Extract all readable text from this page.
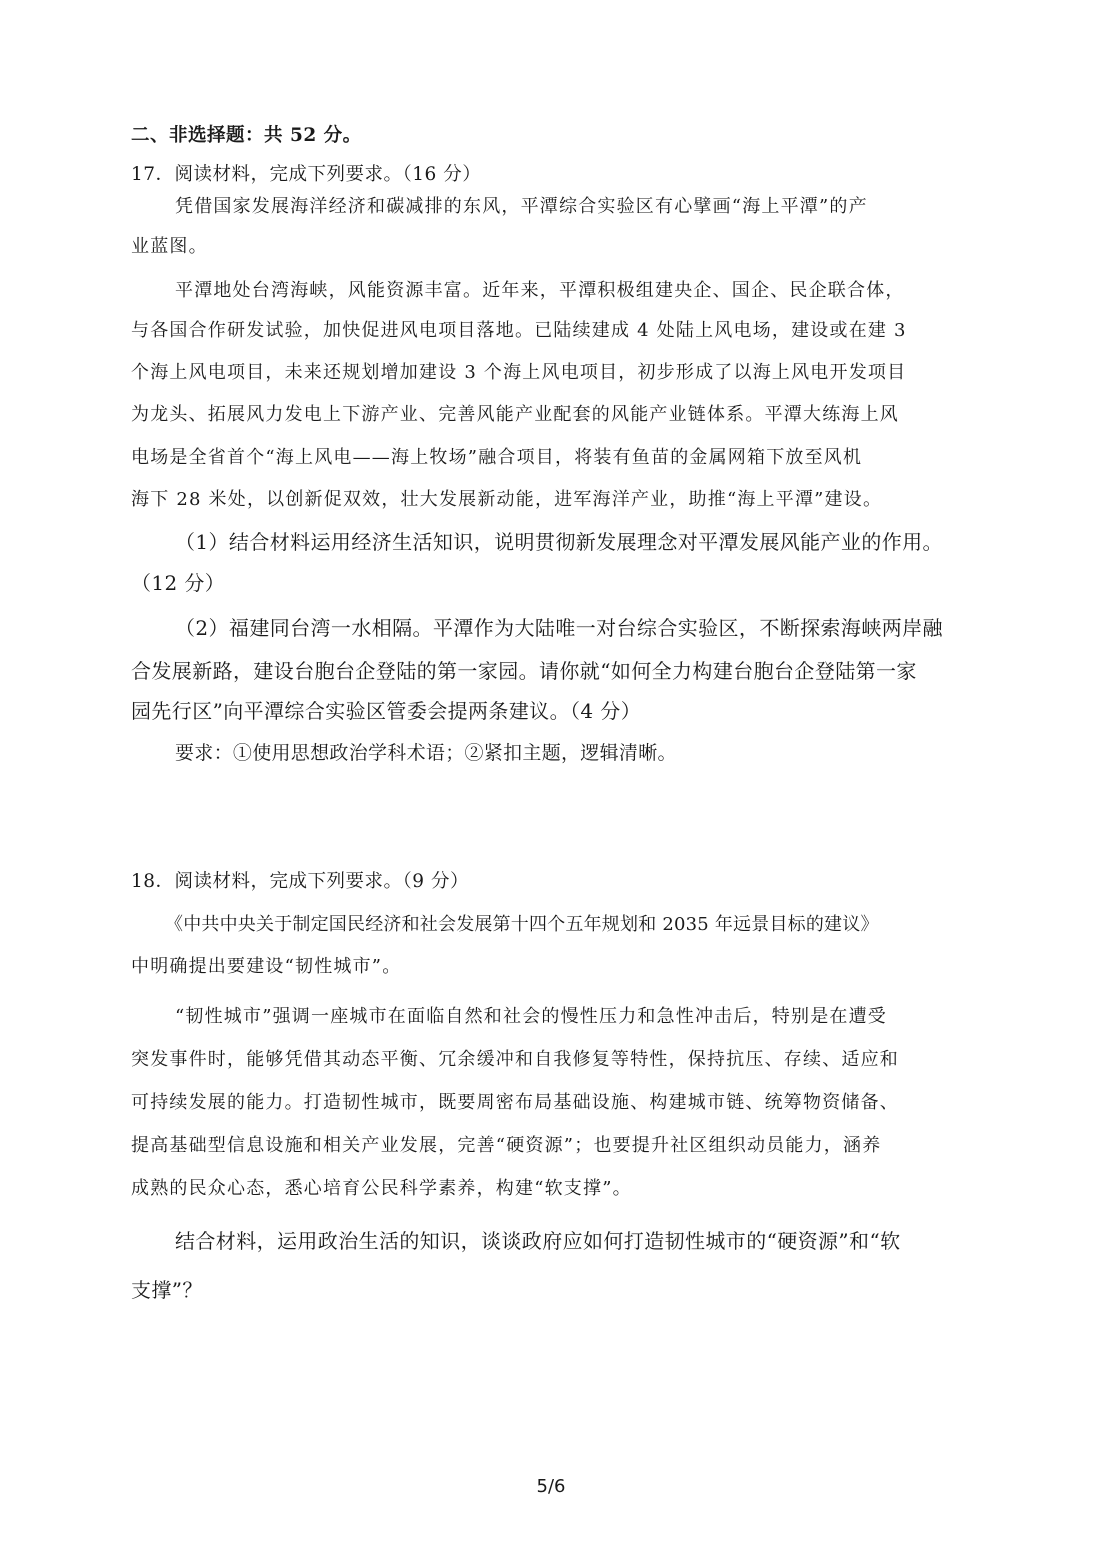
二、非选择题：共 52 分。
17．阅读材料，完成下列要求。（16 分）
凭借国家发展海洋经济和碳减排的东风，平潭综合实验区有心擘画“海上平潭”的产
业蓝图。
平潭地处台湾海峡，风能资源丰富。近年来，平潭积极组建央企、国企、民企联合体，
与各国合作研发试验，加快促进风电项目落地。已陆续建成 4 处陆上风电场，建设或在建 3
个海上风电项目，未来还规划增加建设 3 个海上风电项目，初步形成了以海上风电开发项目
为龙头、拓展风力发电上下游产业、完善风能产业配套的风能产业链体系。平潭大练海上风
电场是全省首个“海上风电——海上牧场”融合项目，将装有鱼苗的金属网箱下放至风机
海下 28 米处，以创新促双效，壮大发展新动能，进军海洋产业，助推“海上平潭”建设。
（1）结合材料运用经济生活知识，说明贯彻新发展理念对平潭发展风能产业的作用。
（12 分）
（2）福建同台湾一水相隔。平潭作为大陆唯一对台综合实验区，不断探索海峡两岸融
合发展新路，建设台胞台企登陆的第一家园。请你就“如何全力构建台胞台企登陆第一家
园先行区”向平潭综合实验区管委会提两条建议。（4 分）
要求：①使用思想政治学科术语；②紧扣主题，逻辑清晰。
18．阅读材料，完成下列要求。（9 分）
《中共中央关于制定国民经济和社会发展第十四个五年规划和 2035 年远景目标的建议》
中明确提出要建设“韧性城市”。
“韧性城市”强调一座城市在面临自然和社会的慢性压力和急性冲击后，特别是在遭受
突发事件时，能够凭借其动态平衡、冗余缓冲和自我修复等特性，保持抗压、存续、适应和
可持续发展的能力。打造韧性城市，既要周密布局基础设施、构建城市链、统筹物资储备、
提高基础型信息设施和相关产业发展，完善“硬资源”；也要提升社区组织动员能力，涵养
成熟的民众心态，悉心培育公民科学素养，构建“软支撑”。
结合材料，运用政治生活的知识，谈谈政府应如何打造韧性城市的“硬资源”和“软
支撑”？
5/6
